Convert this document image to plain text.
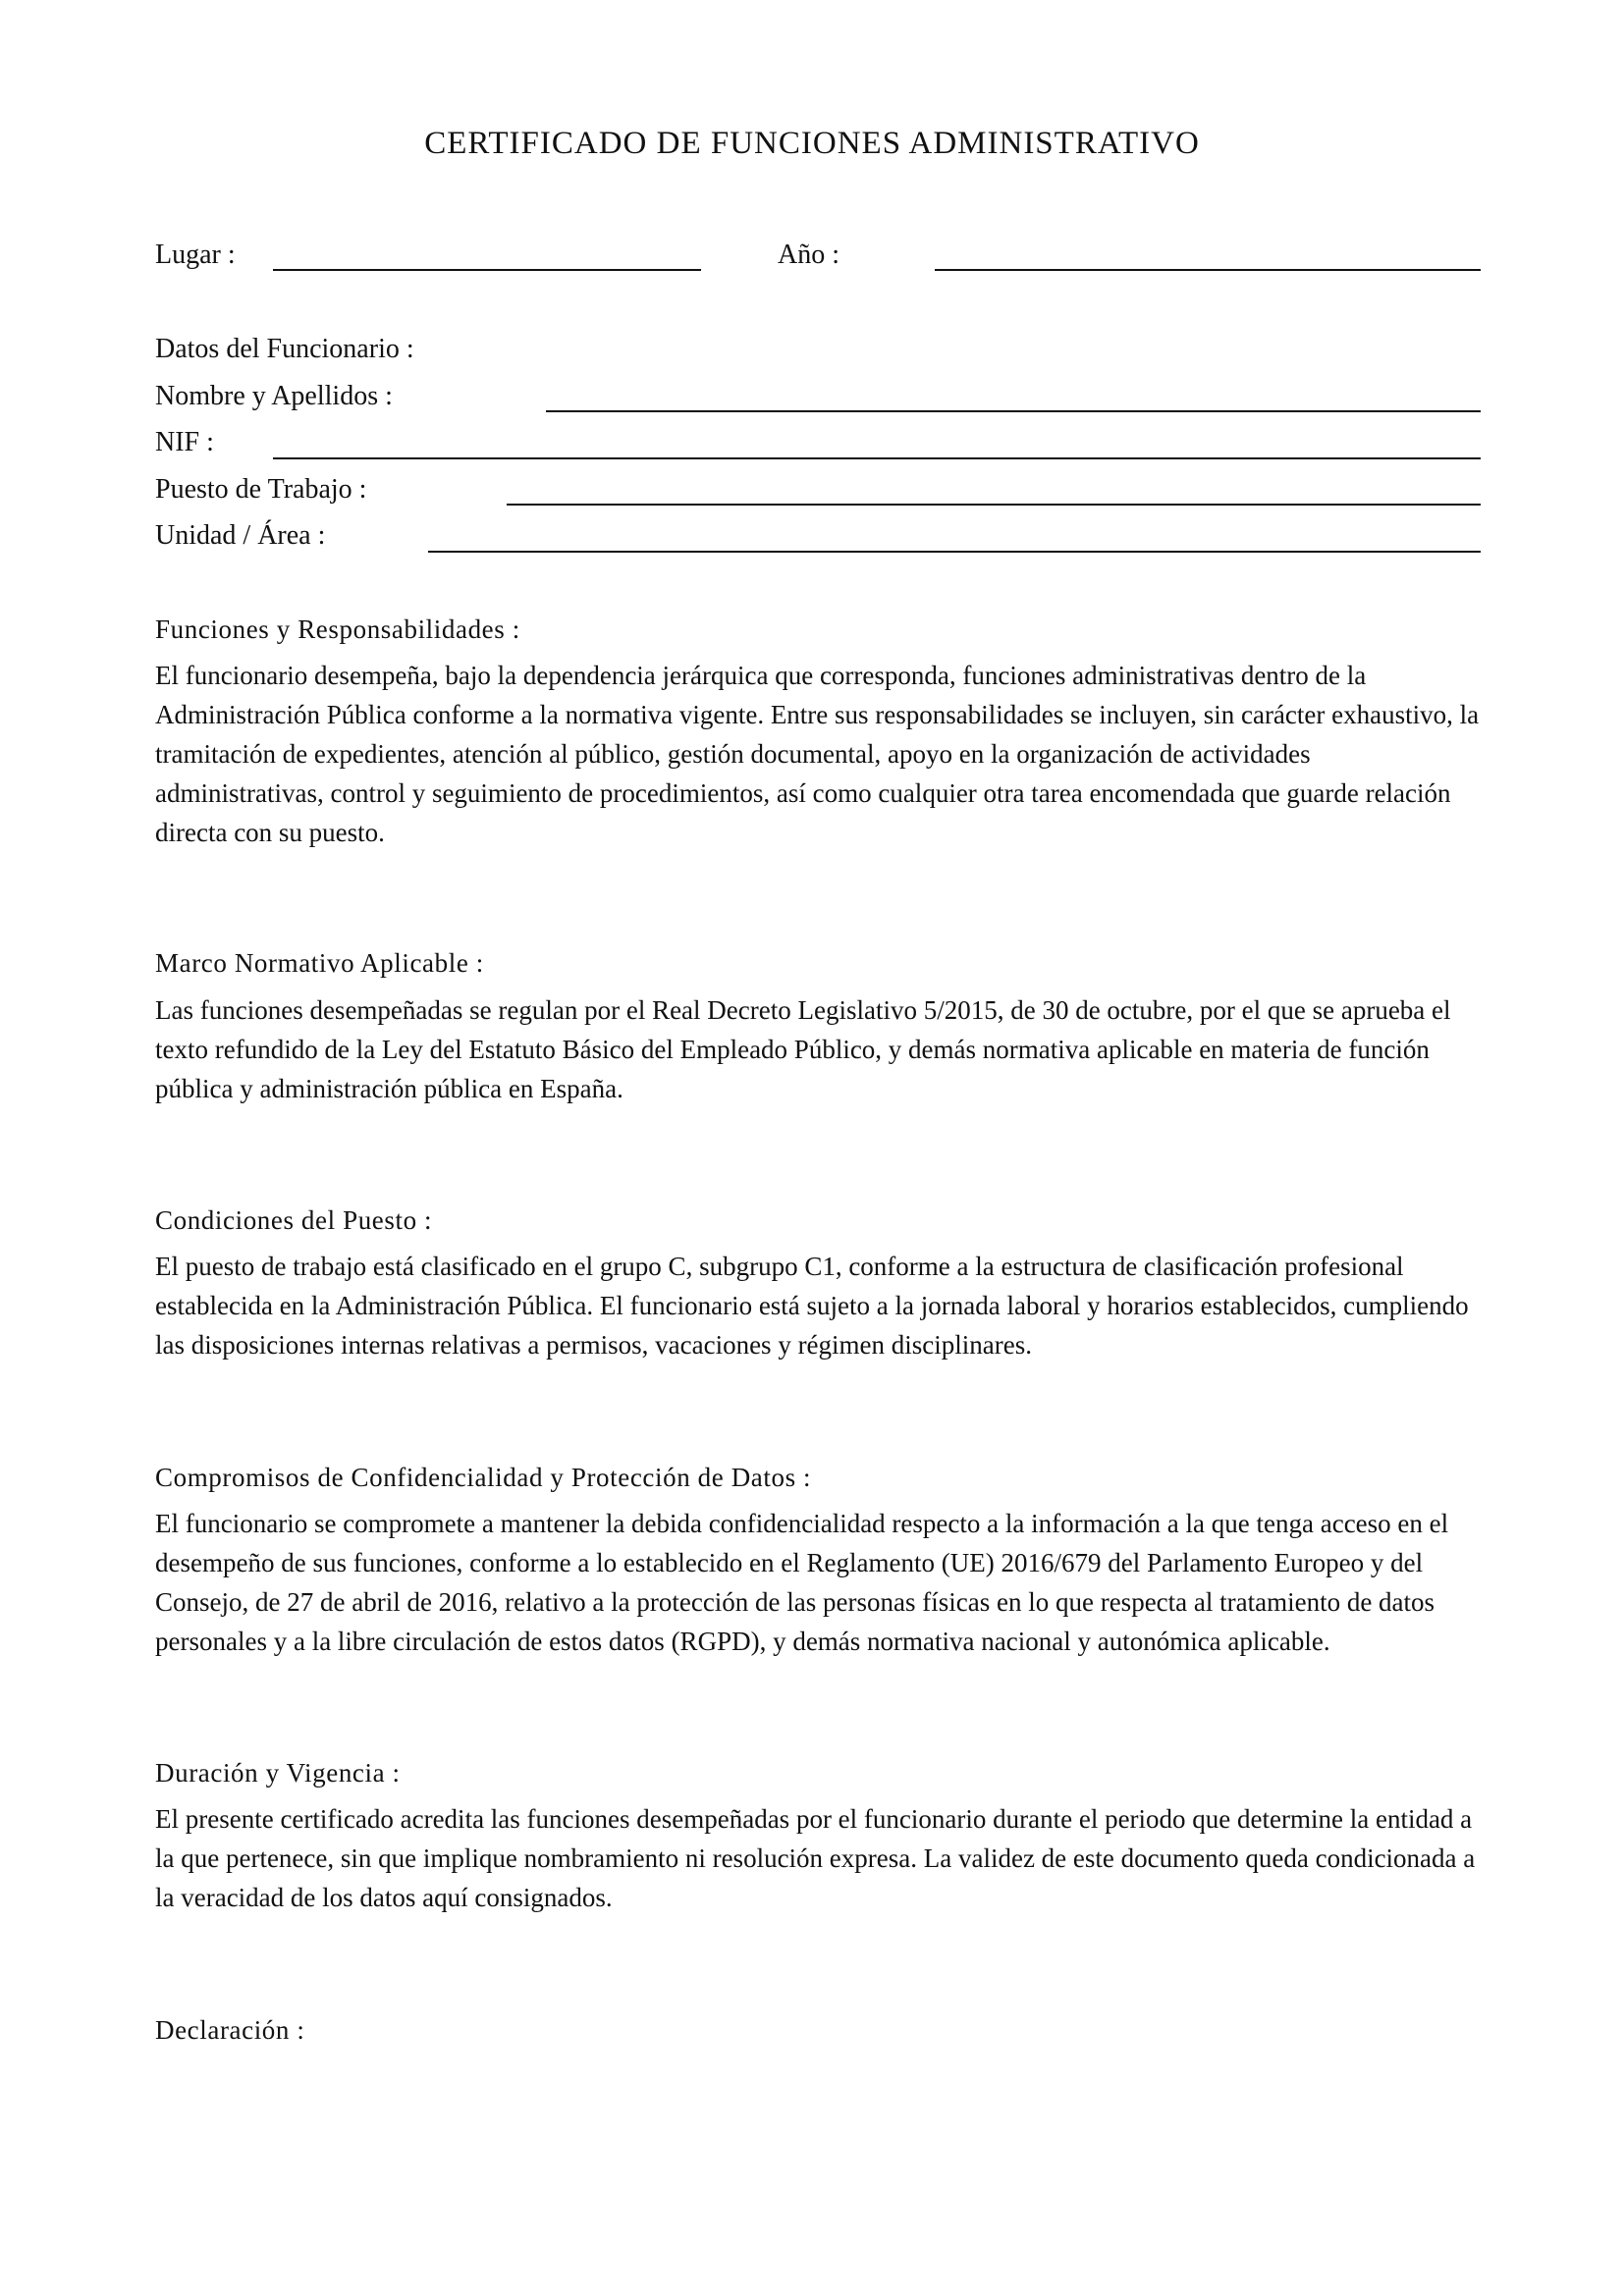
CERTIFICADO DE FUNCIONES ADMINISTRATIVO
Lugar :	Año :
Datos del Funcionario :
Nombre y Apellidos :
NIF :
Puesto de Trabajo :
Unidad / Área :
Funciones y Responsabilidades :
El funcionario desempeña, bajo la dependencia jerárquica que corresponda, funciones administrativas dentro de la Administración Pública conforme a la normativa vigente. Entre sus responsabilidades se incluyen, sin carácter exhaustivo, la tramitación de expedientes, atención al público, gestión documental, apoyo en la organización de actividades administrativas, control y seguimiento de procedimientos, así como cualquier otra tarea encomendada que guarde relación directa con su puesto.
Marco Normativo Aplicable :
Las funciones desempeñadas se regulan por el Real Decreto Legislativo 5/2015, de 30 de octubre, por el que se aprueba el texto refundido de la Ley del Estatuto Básico del Empleado Público, y demás normativa aplicable en materia de función pública y administración pública en España.
Condiciones del Puesto :
El puesto de trabajo está clasificado en el grupo C, subgrupo C1, conforme a la estructura de clasificación profesional establecida en la Administración Pública. El funcionario está sujeto a la jornada laboral y horarios establecidos, cumpliendo las disposiciones internas relativas a permisos, vacaciones y régimen disciplinares.
Compromisos de Confidencialidad y Protección de Datos :
El funcionario se compromete a mantener la debida confidencialidad respecto a la información a la que tenga acceso en el desempeño de sus funciones, conforme a lo establecido en el Reglamento (UE) 2016/679 del Parlamento Europeo y del Consejo, de 27 de abril de 2016, relativo a la protección de las personas físicas en lo que respecta al tratamiento de datos personales y a la libre circulación de estos datos (RGPD), y demás normativa nacional y autonómica aplicable.
Duración y Vigencia :
El presente certificado acredita las funciones desempeñadas por el funcionario durante el periodo que determine la entidad a la que pertenece, sin que implique nombramiento ni resolución expresa. La validez de este documento queda condicionada a la veracidad de los datos aquí consignados.
Declaración :
